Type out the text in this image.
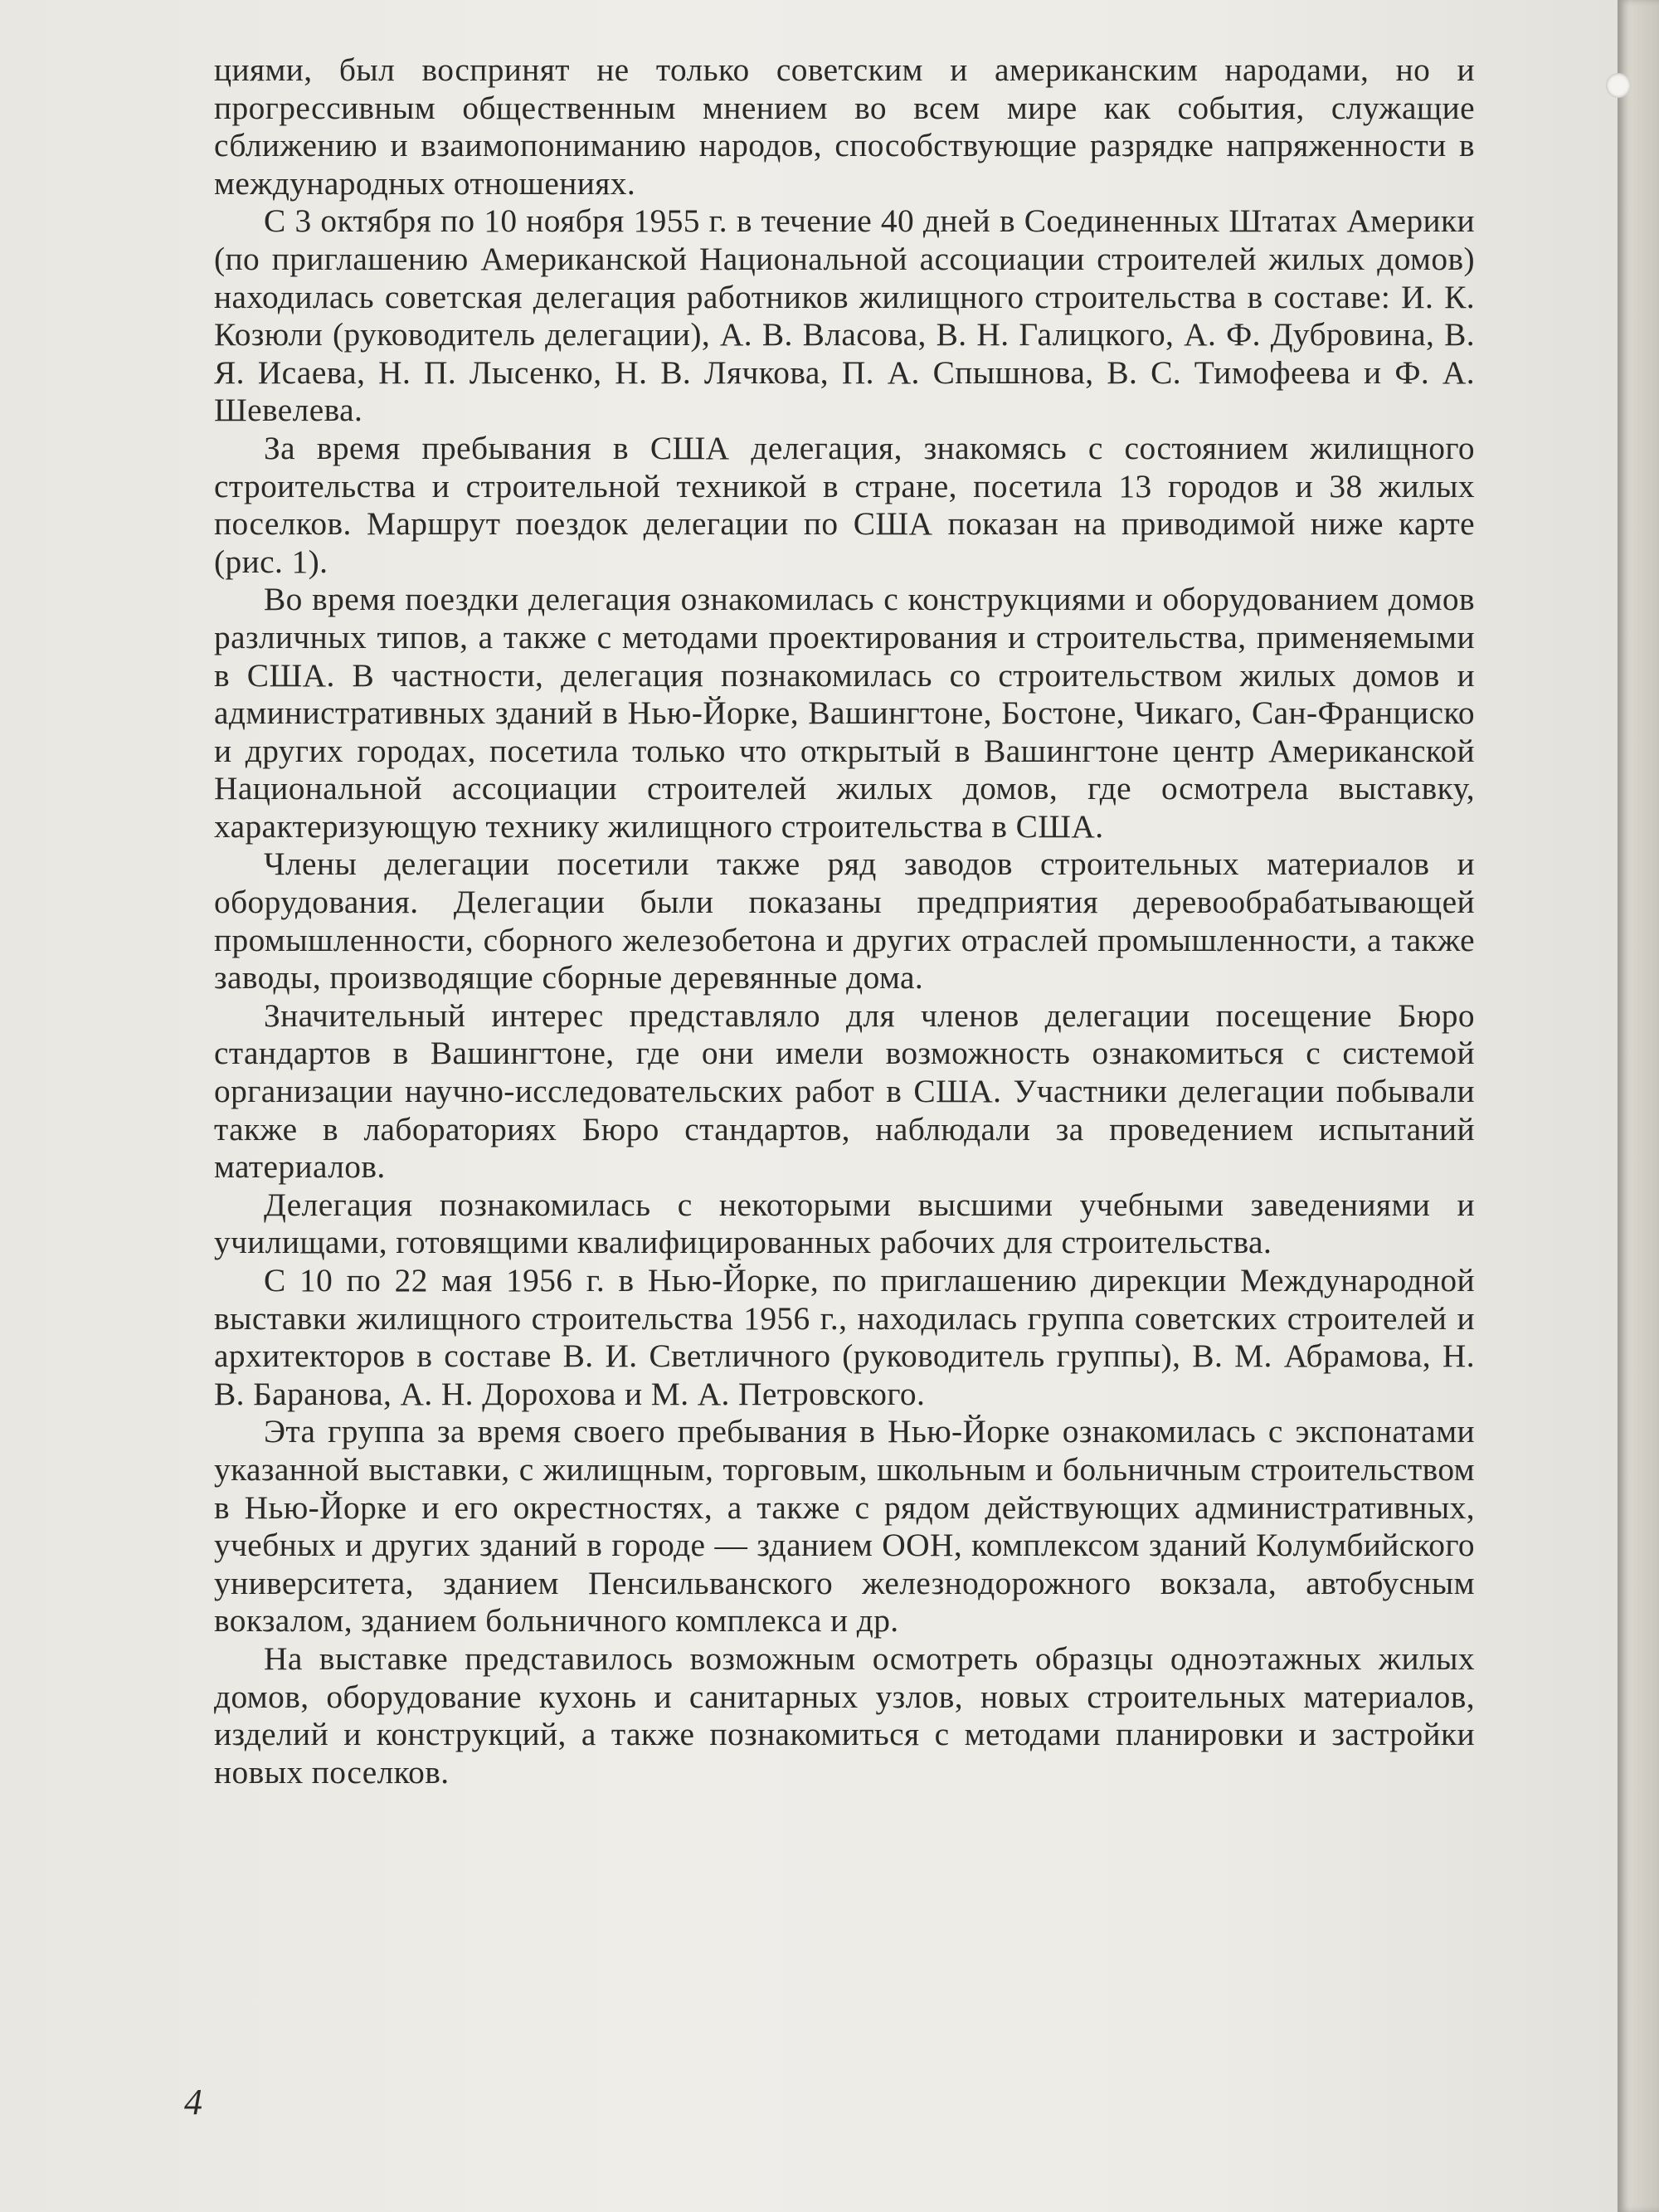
циями, был воспринят не только советским и американским народами, но и прогрессивным общественным мнением во всем мире как события, служащие сближению и взаимопониманию народов, способствующие разрядке напряженности в международных отношениях.

С 3 октября по 10 ноября 1955 г. в течение 40 дней в Соединенных Штатах Америки (по приглашению Американской Национальной ассоциации строителей жилых домов) находилась советская делегация работников жилищного строительства в составе: И. К. Козюли (руководитель делегации), А. В. Власова, В. Н. Галицкого, А. Ф. Дубровина, В. Я. Исаева, Н. П. Лысенко, Н. В. Лячкова, П. А. Спышнова, В. С. Тимофеева и Ф. А. Шевелева.

За время пребывания в США делегация, знакомясь с состоянием жилищного строительства и строительной техникой в стране, посетила 13 городов и 38 жилых поселков. Маршрут поездок делегации по США показан на приводимой ниже карте (рис. 1).

Во время поездки делегация ознакомилась с конструкциями и оборудованием домов различных типов, а также с методами проектирования и строительства, применяемыми в США. В частности, делегация познакомилась со строительством жилых домов и административных зданий в Нью-Йорке, Вашингтоне, Бостоне, Чикаго, Сан-Франциско и других городах, посетила только что открытый в Вашингтоне центр Американской Национальной ассоциации строителей жилых домов, где осмотрела выставку, характеризующую технику жилищного строительства в США.

Члены делегации посетили также ряд заводов строительных материалов и оборудования. Делегации были показаны предприятия деревообрабатывающей промышленности, сборного железобетона и других отраслей промышленности, а также заводы, производящие сборные деревянные дома.

Значительный интерес представляло для членов делегации посещение Бюро стандартов в Вашингтоне, где они имели возможность ознакомиться с системой организации научно-исследовательских работ в США. Участники делегации побывали также в лабораториях Бюро стандартов, наблюдали за проведением испытаний материалов.

Делегация познакомилась с некоторыми высшими учебными заведениями и училищами, готовящими квалифицированных рабочих для строительства.

С 10 по 22 мая 1956 г. в Нью-Йорке, по приглашению дирекции Международной выставки жилищного строительства 1956 г., находилась группа советских строителей и архитекторов в составе В. И. Светличного (руководитель группы), В. М. Абрамова, Н. В. Баранова, А. Н. Дорохова и М. А. Петровского.

Эта группа за время своего пребывания в Нью-Йорке ознакомилась с экспонатами указанной выставки, с жилищным, торговым, школьным и больничным строительством в Нью-Йорке и его окрестностях, а также с рядом действующих административных, учебных и других зданий в городе — зданием ООН, комплексом зданий Колумбийского университета, зданием Пенсильванского железнодорожного вокзала, автобусным вокзалом, зданием больничного комплекса и др.

На выставке представилось возможным осмотреть образцы одноэтажных жилых домов, оборудование кухонь и санитарных узлов, новых строительных материалов, изделий и конструкций, а также познакомиться с методами планировки и застройки новых поселков.

4
